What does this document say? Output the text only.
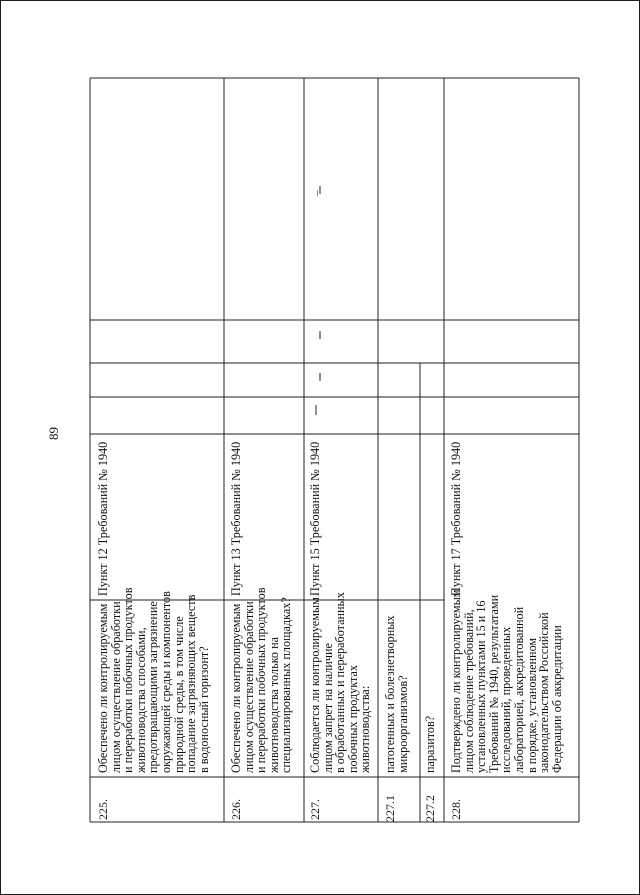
89
225.
Обеспечено ли контролируемым
лицом осуществление обработки
и переработки побочных продуктов
животноводства способами,
предотвращающими загрязнение
окружающей среды и компонентов
природной среды, в том числе
попадание загрязняющих веществ
в водоносный горизонт?
Пункт 12 Требований № 1940
226.
Обеспечено ли контролируемым
лицом осуществление обработки
и переработки побочных продуктов
животноводства только на
специализированных площадках?
Пункт 13 Требований № 1940
227.
Соблюдается ли контролируемым
лицом запрет на наличие
в обработанных и переработанных
побочных продуктах
животноводства:
Пункт 15 Требований № 1940
227.1
патогенных и болезнетворных
микроорганизмов?
227.2
паразитов?
228.
Подтверждено ли контролируемым
лицом соблюдение требований,
установленных пунктами 15 и 16
Требований № 1940, результатами
исследований, проведенных
лабораторией, аккредитованной
в порядке, установленном
законодательством Российской
Федерации об аккредитации
Пункт 17 Требований № 1940
–
